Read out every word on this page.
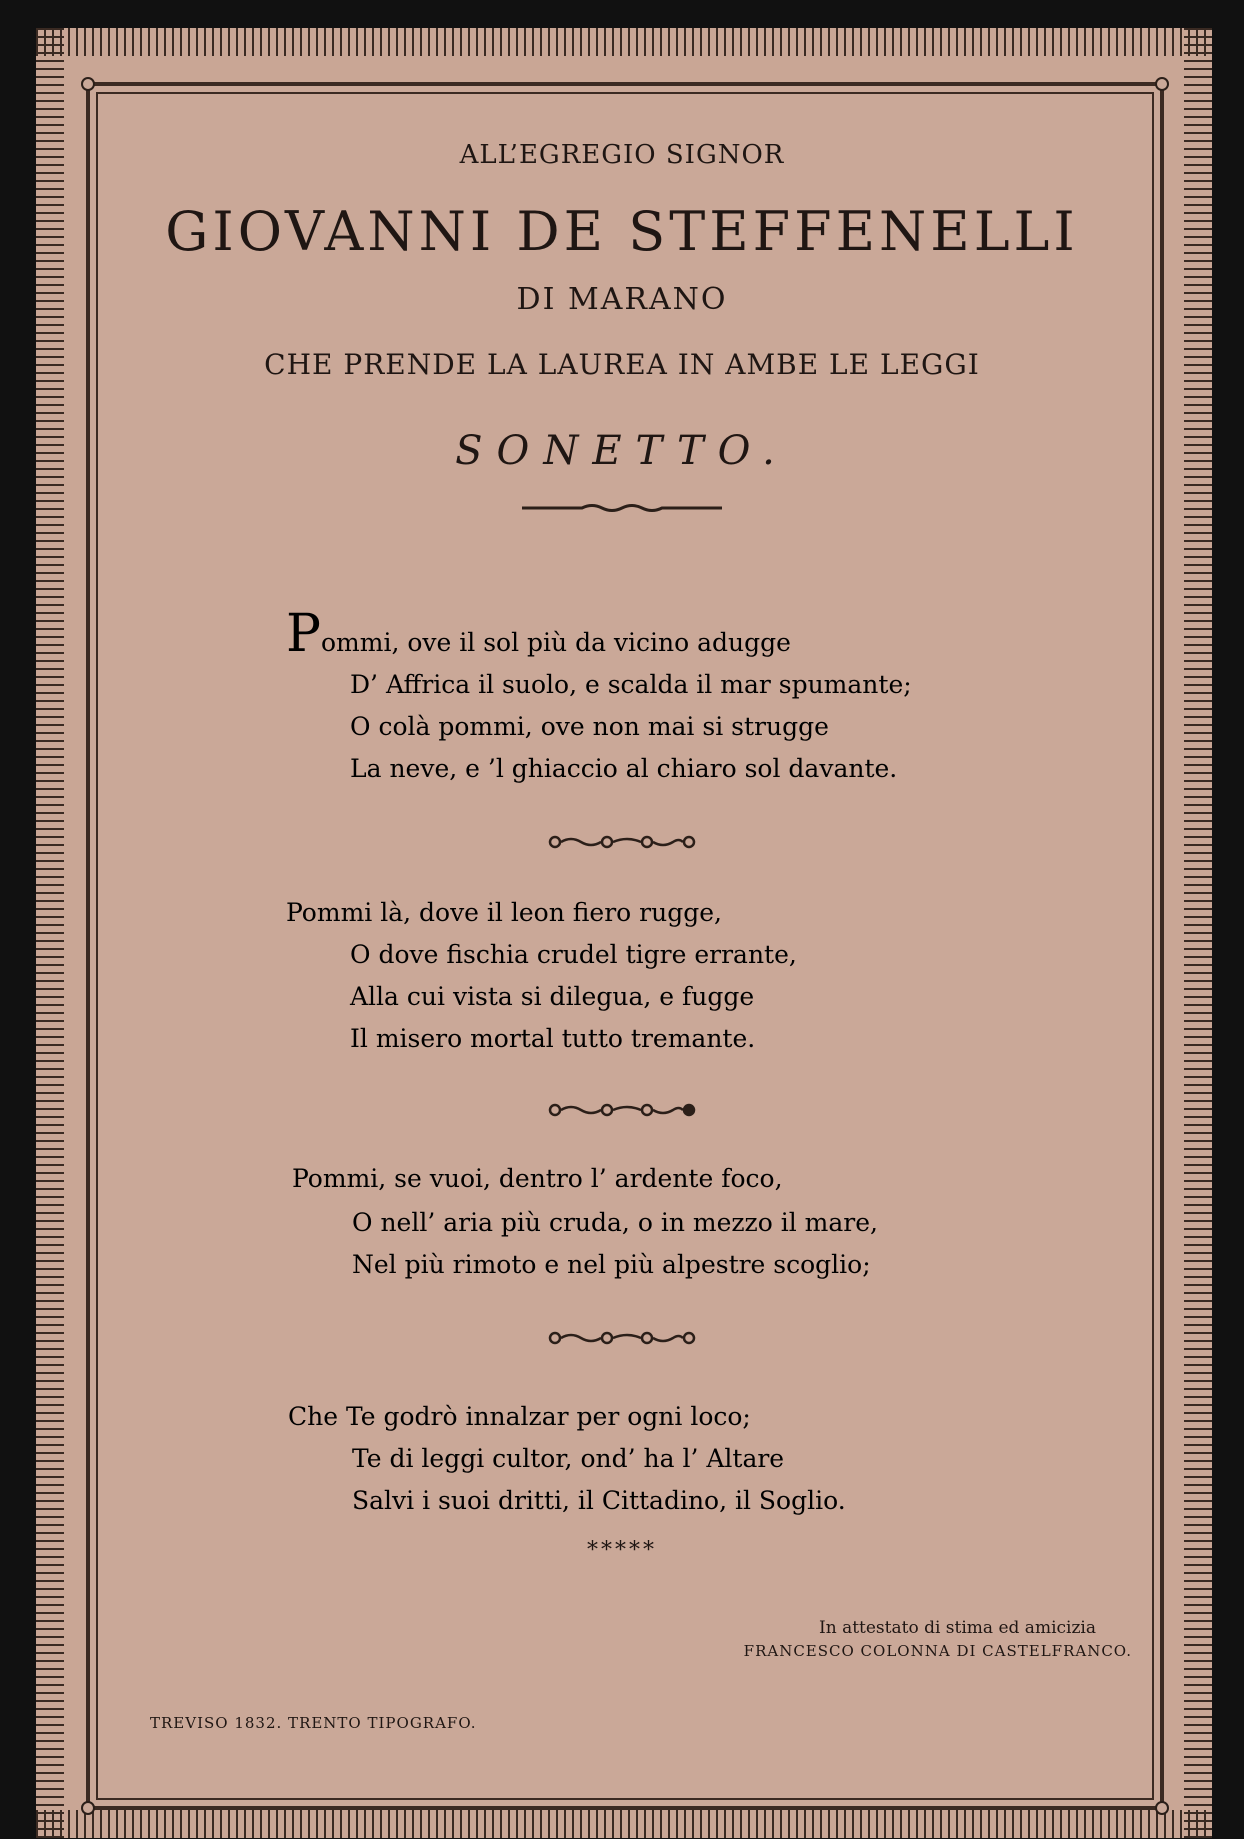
ALL’EGREGIO SIGNOR
GIOVANNI DE STEFFENELLI
DI MARANO
CHE PRENDE LA LAUREA IN AMBE LE LEGGI
SONETTO.
Pommi, ove il sol più da vicino adugge
D’ Affrica il suolo, e scalda il mar spumante;
O colà pommi, ove non mai si strugge
La neve, e ’l ghiaccio al chiaro sol davante.
Pommi là, dove il leon fiero rugge,
O dove fischia crudel tigre errante,
Alla cui vista si dilegua, e fugge
Il misero mortal tutto tremante.
Pommi, se vuoi, dentro l’ ardente foco,
O nell’ aria più cruda, o in mezzo il mare,
Nel più rimoto e nel più alpestre scoglio;
Che Te godrò innalzar per ogni loco;
Te di leggi cultor, ond’ ha l’ Altare
Salvi i suoi dritti, il Cittadino, il Soglio.
*****
In attestato di stima ed amicizia
FRANCESCO COLONNA DI CASTELFRANCO.
TREVISO 1832. TRENTO TIPOGRAFO.
